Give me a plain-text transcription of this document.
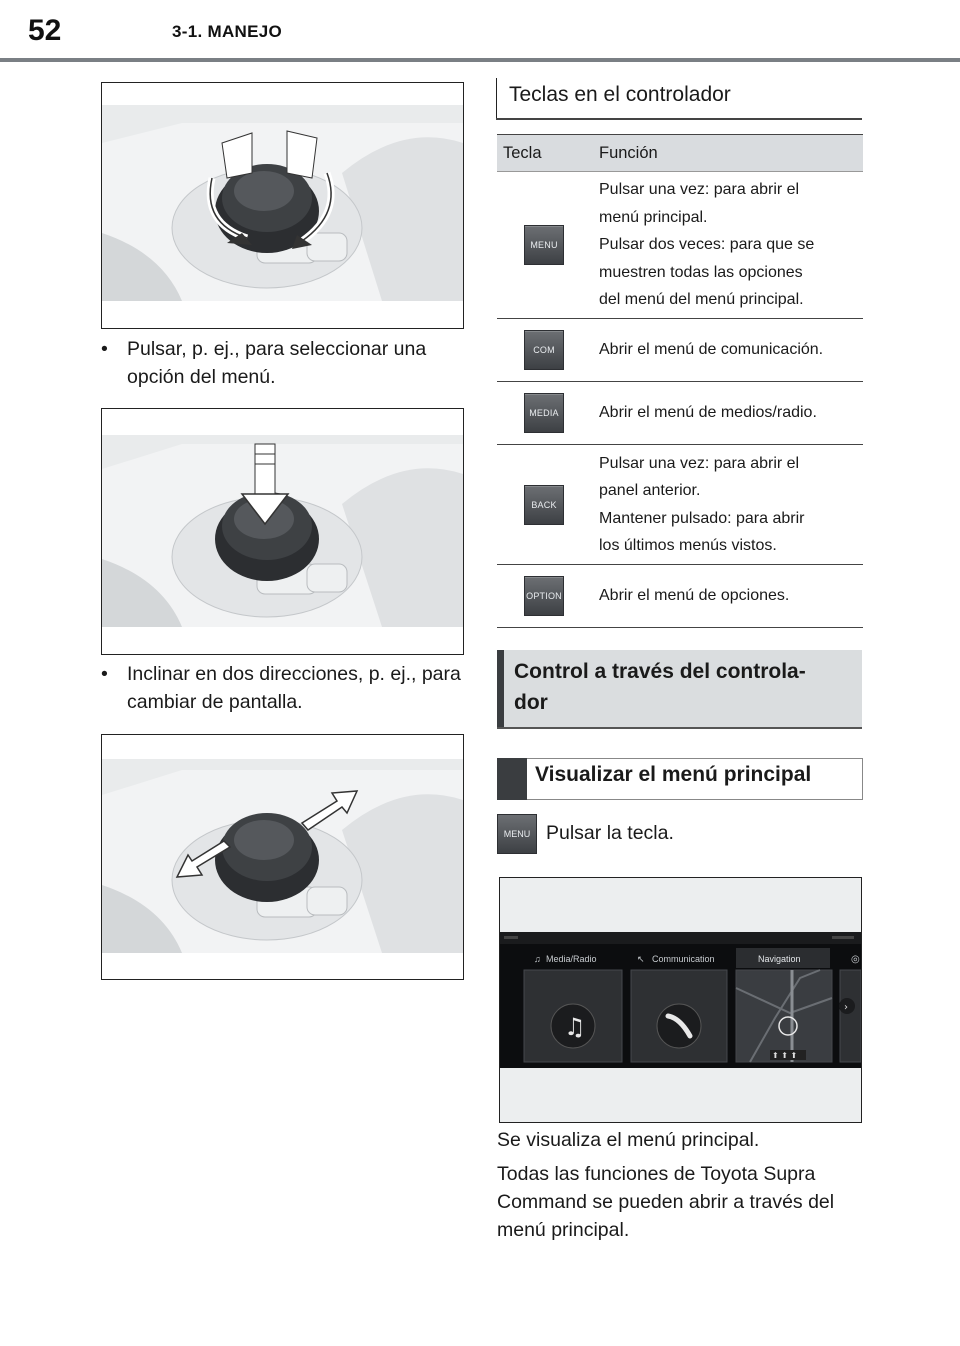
52	3-1. MANEJO
• Pulsar, p. ej., para seleccionar una opción del menú.
• Inclinar en dos direcciones, p. ej., para cambiar de pantalla.
Teclas en el controlador
Tecla	Función
MENU	Pulsar una vez: para abrir el
menú principal.
Pulsar dos veces: para que se
muestren todas las opciones
del menú del menú principal.

COM	Abrir el menú de comunicación.

MEDIA	Abrir el menú de medios/radio.

BACK	Pulsar una vez: para abrir el
panel anterior.
Mantener pulsado: para abrir
los últimos menús vistos.

OPTION	Abrir el menú de opciones.
Control a través del controla-
dor
Visualizar el menú principal
MENU Pulsar la tecla.
♫ Media/Radio	↖ Communication	Navigation	◎
♫
⬆ ⬆ ⬆
›
Se visualiza el menú principal.
Todas las funciones de Toyota Supra
Command se pueden abrir a través del
menú principal.
